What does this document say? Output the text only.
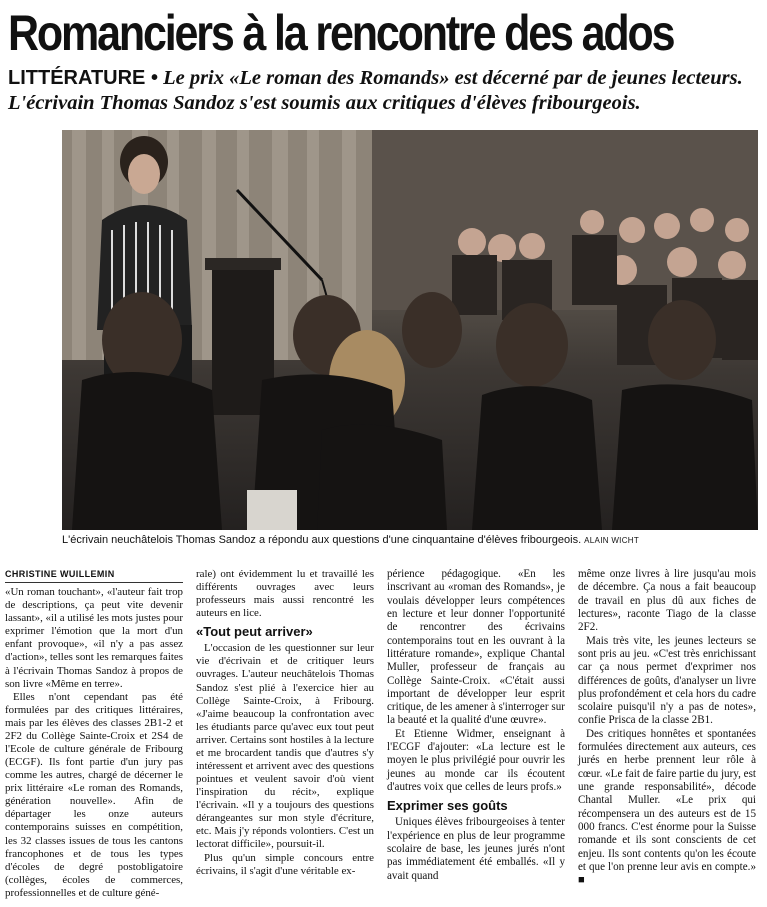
Romanciers à la rencontre des ados
LITTÉRATURE • Le prix «Le roman des Romands» est décerné par de jeunes lecteurs. L'écrivain Thomas Sandoz s'est soumis aux critiques d'élèves fribourgeois.
L'écrivain neuchâtelois Thomas Sandoz a répondu aux questions d'une cinquantaine d'élèves fribourgeois. ALAIN WICHT
CHRISTINE WUILLEMIN

«Un roman touchant», «l'auteur fait trop de descriptions, ça peut vite devenir lassant», «il a utilisé les mots justes pour exprimer l'émotion que la mort d'un enfant provoque», «il n'y a pas assez d'action», telles sont les remarques faites à l'écrivain Thomas Sandoz à propos de son livre «Même en terre».

Elles n'ont cependant pas été formulées par des critiques littéraires, mais par les élèves des classes 2B1-2 et 2F2 du Collège Sainte-Croix et 2S4 de l'Ecole de culture générale de Fribourg (ECGF). Ils font partie d'un jury pas comme les autres, chargé de décerner le prix littéraire «Le roman des Romands, génération nouvelle». Afin de départager les onze auteurs contemporains suisses en compétition, les 32 classes issues de tous les cantons francophones et de tous les types d'écoles de degré postobligatoire (collèges, écoles de commerces, professionnelles et de culture géné-

rale) ont évidemment lu et travaillé les différents ouvrages avec leurs professeurs mais aussi rencontré les auteurs en lice.

«Tout peut arriver»

L'occasion de les questionner sur leur vie d'écrivain et de critiquer leurs ouvrages. L'auteur neuchâtelois Thomas Sandoz s'est plié à l'exercice hier au Collège Sainte-Croix, à Fribourg. «J'aime beaucoup la confrontation avec les étudiants parce qu'avec eux tout peut arriver. Certains sont hostiles à la lecture et me brocardent tandis que d'autres s'y intéressent et arrivent avec des questions pointues et veulent savoir d'où vient l'inspiration du récit», explique l'écrivain. «Il y a toujours des questions dérangeantes sur mon style d'écriture, etc. Mais j'y réponds volontiers. C'est un lectorat difficile», poursuit-il.

Plus qu'un simple concours entre écrivains, il s'agit d'une véritable ex-

périence pédagogique. «En les inscrivant au «roman des Romands», je voulais développer leurs compétences en lecture et leur donner l'opportunité de rencontrer des écrivains contemporains tout en les ouvrant à la littérature romande», explique Chantal Muller, professeur de français au Collège Sainte-Croix. «C'était aussi important de développer leur esprit critique, de les amener à s'interroger sur la beauté et la qualité d'une œuvre».

Et Etienne Widmer, enseignant à l'ECGF d'ajouter: «La lecture est le moyen le plus privilégié pour ouvrir les jeunes au monde car ils écoutent d'autres voix que celles de leurs profs.»

Exprimer ses goûts

Uniques élèves fribourgeoises à tenter l'expérience en plus de leur programme scolaire de base, les jeunes jurés n'ont pas immédiatement été emballés. «Il y avait quand

même onze livres à lire jusqu'au mois de décembre. Ça nous a fait beaucoup de travail en plus dû aux fiches de lectures», raconte Tiago de la classe 2F2.

Mais très vite, les jeunes lecteurs se sont pris au jeu. «C'est très enrichissant car ça nous permet d'exprimer nos différences de goûts, d'analyser un livre plus profondément et cela hors du cadre scolaire puisqu'il n'y a pas de notes», confie Prisca de la classe 2B1.

Des critiques honnêtes et spontanées formulées directement aux auteurs, ces jurés en herbe prennent leur rôle à cœur. «Le fait de faire partie du jury, est une grande responsabilité», décode Chantal Muller. «Le prix qui récompensera un des auteurs est de 15 000 francs. C'est énorme pour la Suisse romande et ils sont conscients de cet enjeu. Ils sont contents qu'on les écoute et que l'on prenne leur avis en compte.» ■
